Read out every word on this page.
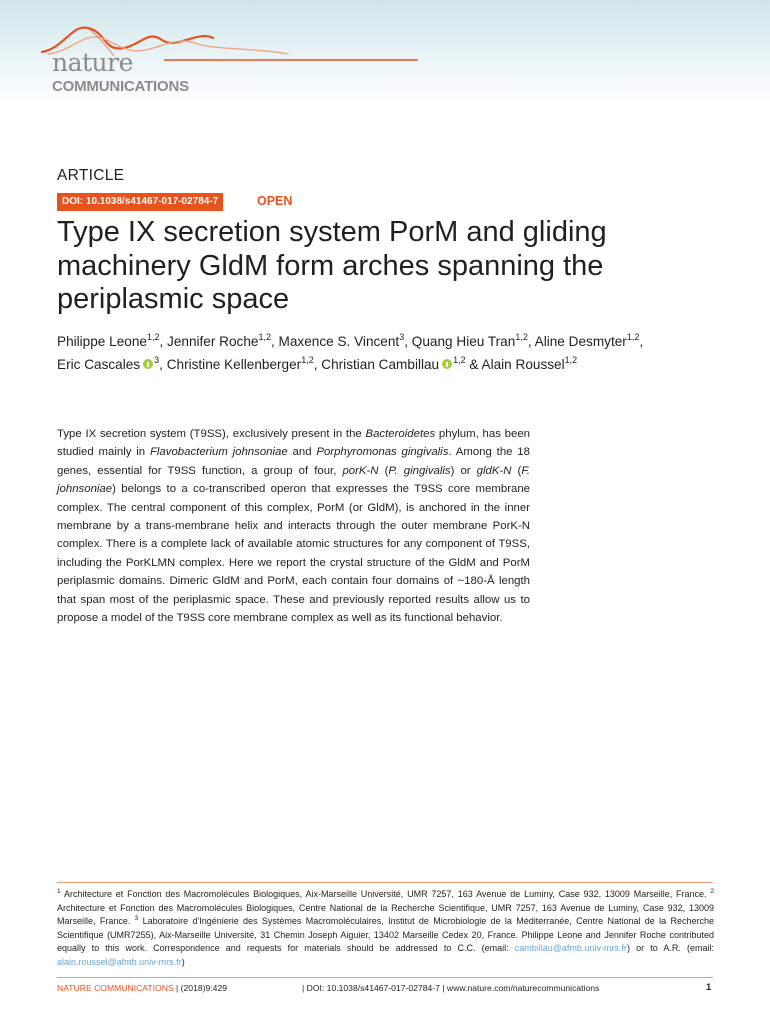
nature
COMMUNICATIONS
ARTICLE
DOI: 10.1038/s41467-017-02784-7	OPEN
Type IX secretion system PorM and gliding machinery GldM form arches spanning the periplasmic space

Philippe Leone$^{1,2}$, Jennifer Roche$^{1,2}$, Maxence S. Vincent$^3$, Quang Hieu Tran$^{1,2}$, Aline Desmyter$^{1,2}$,
Eric Cascales $^3$, Christine Kellenberger$^{1,2}$, Christian Cambillau $^{1,2}$ & Alain Roussel$^{1,2}$

Type IX secretion system (T9SS), exclusively present in the Bacteroidetes phylum, has been studied mainly in Flavobacterium johnsoniae and Porphyromonas gingivalis. Among the 18 genes, essential for T9SS function, a group of four, porK-N (P. gingivalis) or gldK-N (F. johnsoniae) belongs to a co-transcribed operon that expresses the T9SS core membrane complex. The central component of this complex, PorM (or GldM), is anchored in the inner membrane by a trans-membrane helix and interacts through the outer membrane PorK-N complex. There is a complete lack of available atomic structures for any component of T9SS, including the PorKLMN complex. Here we report the crystal structure of the GldM and PorM periplasmic domains. Dimeric GldM and PorM, each contain four domains of ~180-Å length that span most of the periplasmic space. These and previously reported results allow us to propose a model of the T9SS core membrane complex as well as its functional behavior.

$^1$ Architecture et Fonction des Macromolécules Biologiques, Aix-Marseille Université, UMR 7257, 163 Avenue de Luminy, Case 932, 13009 Marseille, France. $^2$ Architecture et Fonction des Macromolécules Biologiques, Centre National de la Recherche Scientifique, UMR 7257, 163 Avenue de Luminy, Case 932, 13009 Marseille, France. $^3$ Laboratoire d'Ingénierie des Systèmes Macromoléculaires, Institut de Microbiologie de la Méditerranée, Centre National de la Recherche Scientifique (UMR7255), Aix-Marseille Université, 31 Chemin Joseph Aiguier, 13402 Marseille Cedex 20, France. Philippe Leone and Jennifer Roche contributed equally to this work. Correspondence and requests for materials should be addressed to C.C. (email: cambillau@afmb.univ-mrs.fr) or to A.R. (email: alain.roussel@afmb.univ-mrs.fr)

NATURE COMMUNICATIONS | (2018)9:429	| DOI: 10.1038/s41467-017-02784-7 | www.nature.com/naturecommunications	1
